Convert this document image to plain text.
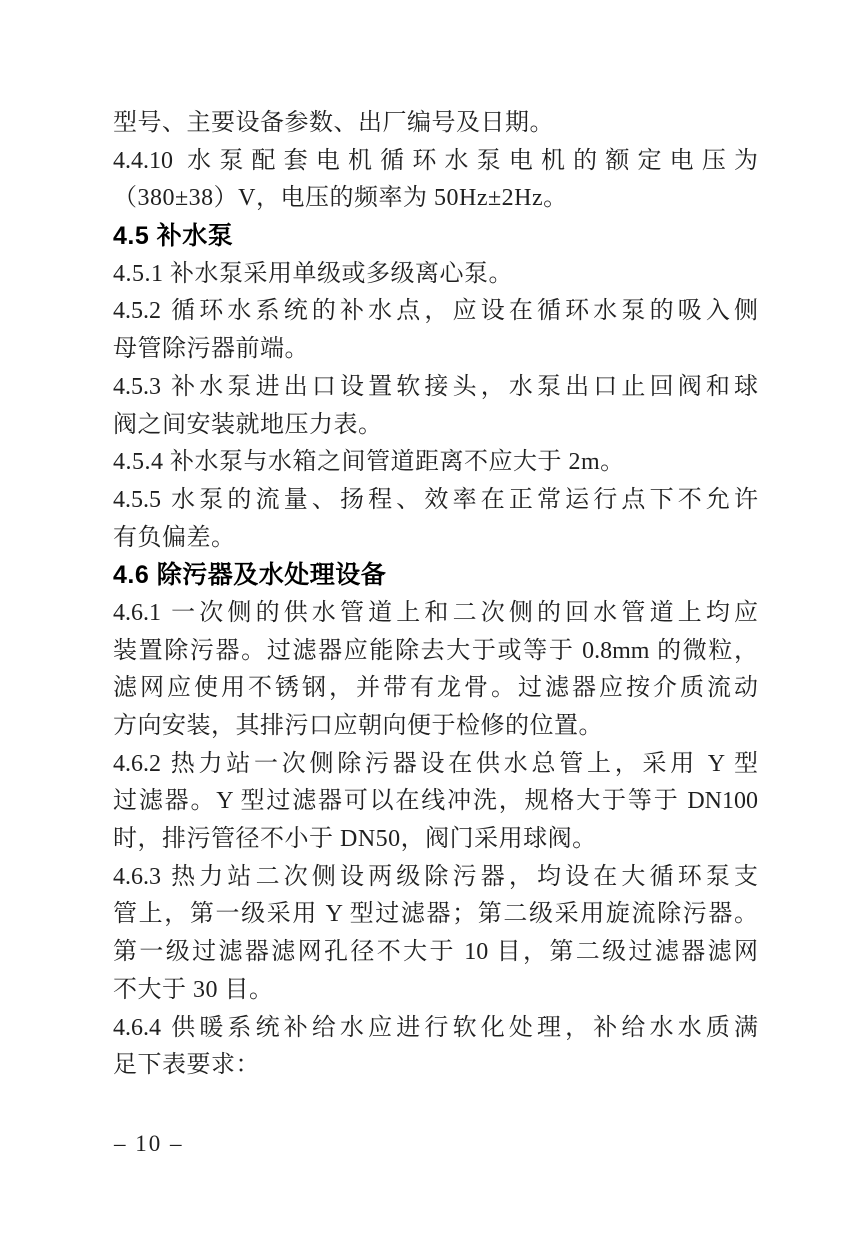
型号、主要设备参数、出厂编号及日期。
4.4.10 水泵配套电机循环水泵电机的额定电压为
（380±38）V，电压的频率为 50Hz±2Hz。
4.5 补水泵
4.5.1 补水泵采用单级或多级离心泵。
4.5.2 循环水系统的补水点，应设在循环水泵的吸入侧
母管除污器前端。
4.5.3 补水泵进出口设置软接头，水泵出口止回阀和球
阀之间安装就地压力表。
4.5.4 补水泵与水箱之间管道距离不应大于 2m。
4.5.5 水泵的流量、扬程、效率在正常运行点下不允许
有负偏差。
4.6 除污器及水处理设备
4.6.1 一次侧的供水管道上和二次侧的回水管道上均应
装置除污器。过滤器应能除去大于或等于 0.8mm 的微粒，
滤网应使用不锈钢，并带有龙骨。过滤器应按介质流动
方向安装，其排污口应朝向便于检修的位置。
4.6.2 热力站一次侧除污器设在供水总管上，采用 Y 型
过滤器。Y 型过滤器可以在线冲洗，规格大于等于 DN100
时，排污管径不小于 DN50，阀门采用球阀。
4.6.3 热力站二次侧设两级除污器，均设在大循环泵支
管上，第一级采用 Y 型过滤器；第二级采用旋流除污器。
第一级过滤器滤网孔径不大于 10 目，第二级过滤器滤网
不大于 30 目。
4.6.4 供暖系统补给水应进行软化处理，补给水水质满
足下表要求：
– 10 –
